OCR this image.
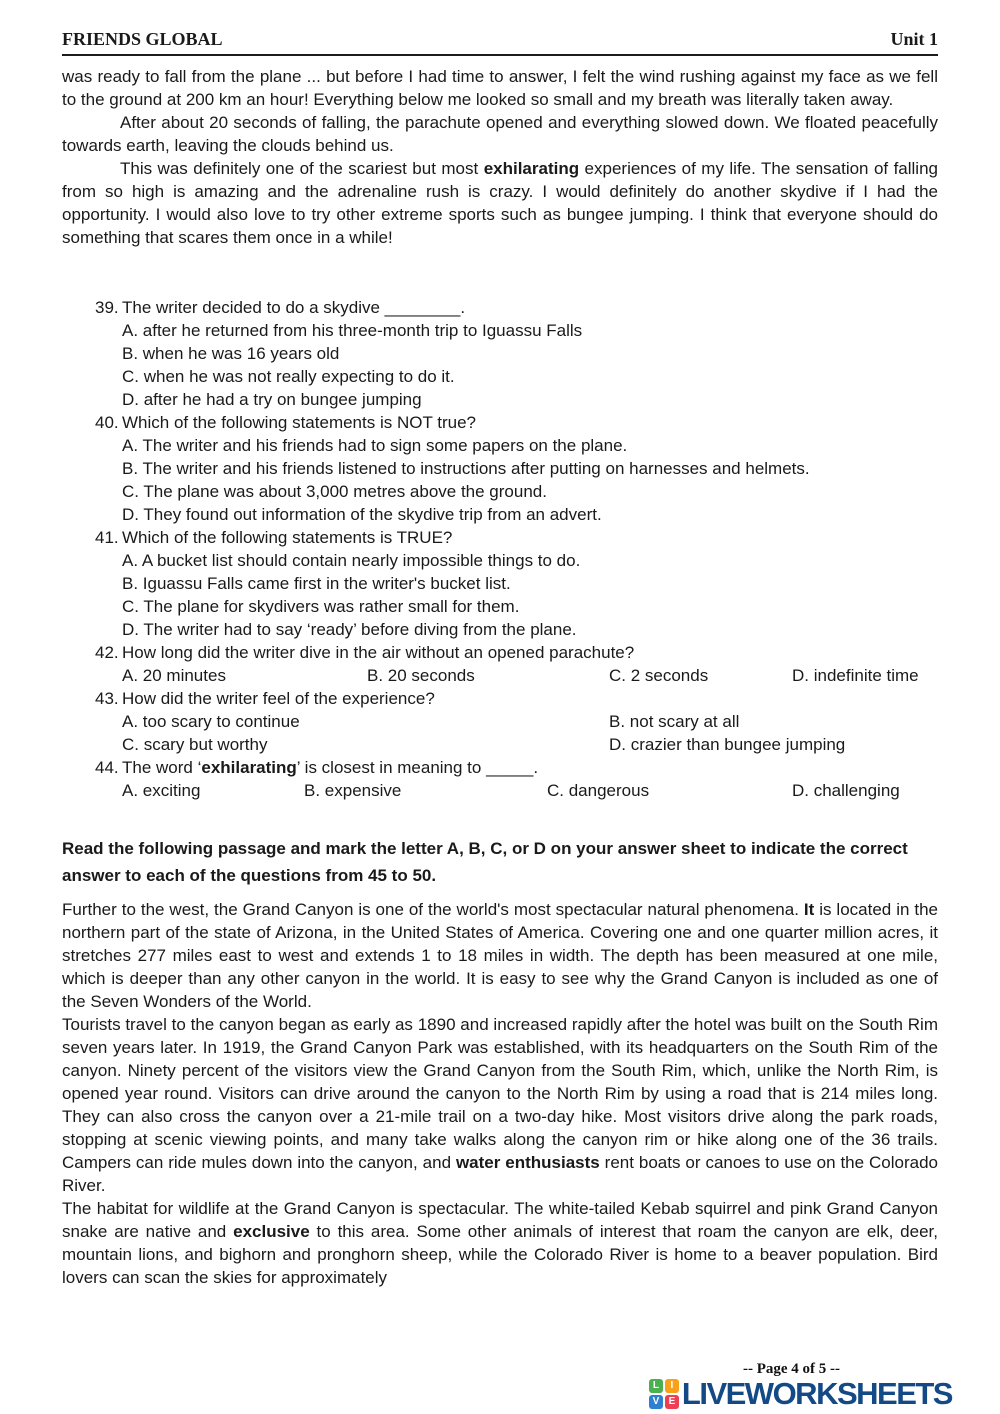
FRIENDS GLOBAL	Unit 1

was ready to fall from the plane ... but before I had time to answer, I felt the wind rushing against my face as we fell to the ground at 200 km an hour! Everything below me looked so small and my breath was literally taken away.

After about 20 seconds of falling, the parachute opened and everything slowed down. We floated peacefully towards earth, leaving the clouds behind us.

This was definitely one of the scariest but most exhilarating experiences of my life. The sensation of falling from so high is amazing and the adrenaline rush is crazy. I would definitely do another skydive if I had the opportunity. I would also love to try other extreme sports such as bungee jumping. I think that everyone should do something that scares them once in a while!

39. The writer decided to do a skydive ________.
A. after he returned from his three-month trip to Iguassu Falls
B. when he was 16 years old
C. when he was not really expecting to do it.
D. after he had a try on bungee jumping
40. Which of the following statements is NOT true?
A. The writer and his friends had to sign some papers on the plane.
B. The writer and his friends listened to instructions after putting on harnesses and helmets.
C. The plane was about 3,000 metres above the ground.
D. They found out information of the skydive trip from an advert.
41. Which of the following statements is TRUE?
A. A bucket list should contain nearly impossible things to do.
B. Iguassu Falls came first in the writer's bucket list.
C. The plane for skydivers was rather small for them.
D. The writer had to say ‘ready’ before diving from the plane.
42. How long did the writer dive in the air without an opened parachute?
A. 20 minutes	B. 20 seconds	C. 2 seconds	D. indefinite time
43. How did the writer feel of the experience?
A. too scary to continue	B. not scary at all
C. scary but worthy	D. crazier than bungee jumping
44. The word ‘exhilarating’ is closest in meaning to _____.
A. exciting	B. expensive	C. dangerous	D. challenging

Read the following passage and mark the letter A, B, C, or D on your answer sheet to indicate the correct answer to each of the questions from 45 to 50.

Further to the west, the Grand Canyon is one of the world's most spectacular natural phenomena. It is located in the northern part of the state of Arizona, in the United States of America. Covering one and one quarter million acres, it stretches 277 miles east to west and extends 1 to 18 miles in width. The depth has been measured at one mile, which is deeper than any other canyon in the world. It is easy to see why the Grand Canyon is included as one of the Seven Wonders of the World.

Tourists travel to the canyon began as early as 1890 and increased rapidly after the hotel was built on the South Rim seven years later. In 1919, the Grand Canyon Park was established, with its headquarters on the South Rim of the canyon. Ninety percent of the visitors view the Grand Canyon from the South Rim, which, unlike the North Rim, is opened year round. Visitors can drive around the canyon to the North Rim by using a road that is 214 miles long. They can also cross the canyon over a 21-mile trail on a two-day hike. Most visitors drive along the park roads, stopping at scenic viewing points, and many take walks along the canyon rim or hike along one of the 36 trails. Campers can ride mules down into the canyon, and water enthusiasts rent boats or canoes to use on the Colorado River.

The habitat for wildlife at the Grand Canyon is spectacular. The white-tailed Kebab squirrel and pink Grand Canyon snake are native and exclusive to this area. Some other animals of interest that roam the canyon are elk, deer, mountain lions, and bighorn and pronghorn sheep, while the Colorado River is home to a beaver population. Bird lovers can scan the skies for approximately

-- Page 4 of 5 --
L	I
V E LIVEWORKSHEETS
